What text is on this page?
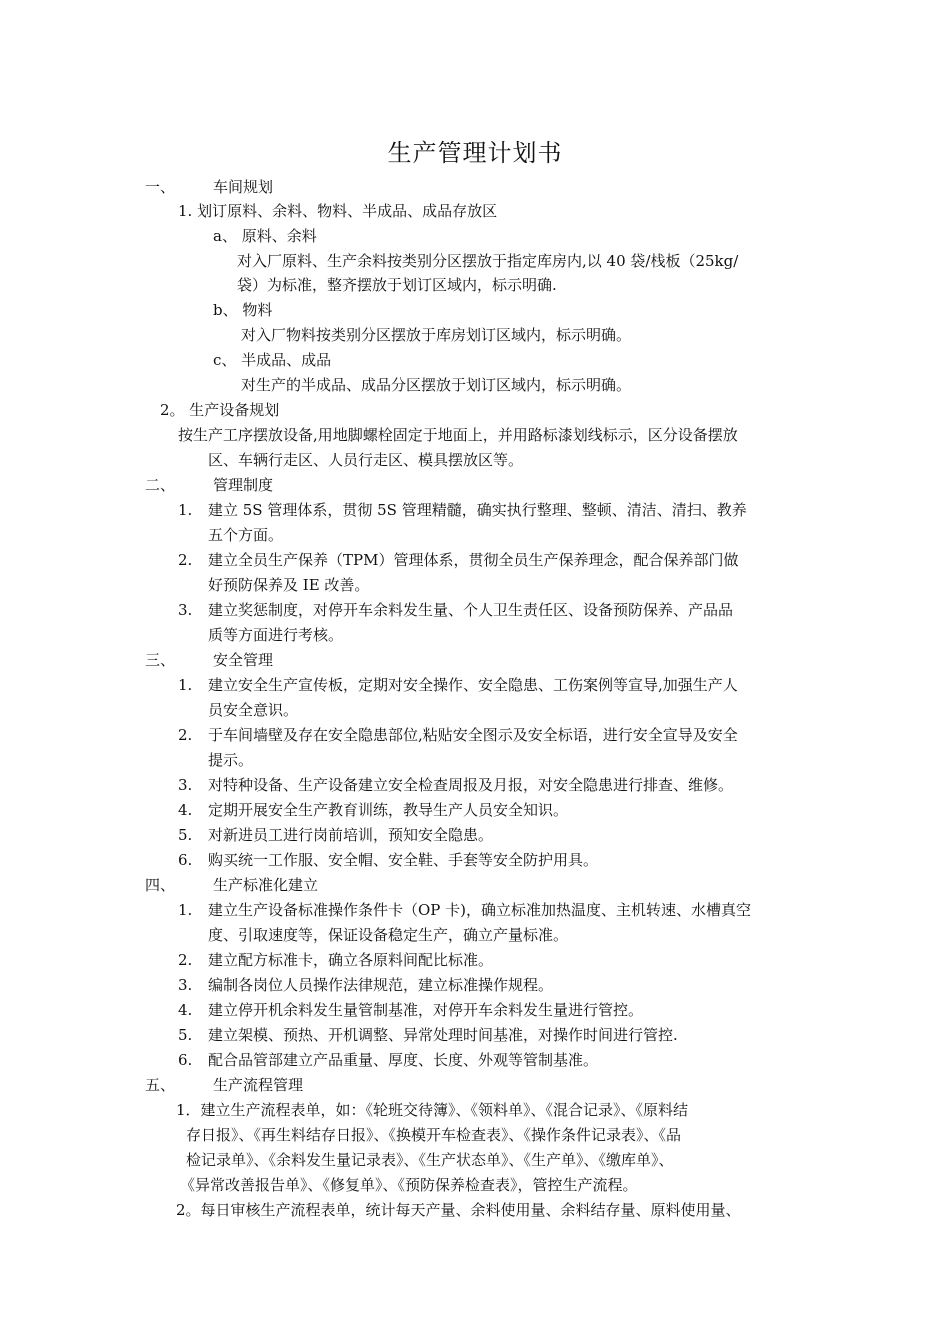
生产管理计划书
一、	车间规划
1. 划订原料、余料、物料、半成品、成品存放区
a、 原料、余料
对入厂原料、生产余料按类别分区摆放于指定库房内,以 40 袋/栈板（25kg/
袋）为标准，整齐摆放于划订区域内，标示明确.
b、 物料
对入厂物料按类别分区摆放于库房划订区域内，标示明确。
c、 半成品、成品
对生产的半成品、成品分区摆放于划订区域内，标示明确。
2。 生产设备规划
按生产工序摆放设备,用地脚螺栓固定于地面上，并用路标漆划线标示，区分设备摆放
区、车辆行走区、人员行走区、模具摆放区等。
二、	管理制度
1. 建立 5S 管理体系，贯彻 5S 管理精髓，确实执行整理、整顿、清洁、清扫、教养
五个方面。
2. 建立全员生产保养（TPM）管理体系，贯彻全员生产保养理念，配合保养部门做
好预防保养及 IE 改善。
3. 建立奖惩制度，对停开车余料发生量、个人卫生责任区、设备预防保养、产品品
质等方面进行考核。
三、	安全管理
1. 建立安全生产宣传板，定期对安全操作、安全隐患、工伤案例等宣导,加强生产人
员安全意识。
2. 于车间墙壁及存在安全隐患部位,粘贴安全图示及安全标语，进行安全宣导及安全
提示。
3. 对特种设备、生产设备建立安全检查周报及月报，对安全隐患进行排查、维修。
4. 定期开展安全生产教育训练，教导生产人员安全知识。
5. 对新进员工进行岗前培训，预知安全隐患。
6. 购买统一工作服、安全帽、安全鞋、手套等安全防护用具。
四、	生产标准化建立
1. 建立生产设备标准操作条件卡（OP 卡)，确立标准加热温度、主机转速、水槽真空
度、引取速度等，保证设备稳定生产，确立产量标准。
2. 建立配方标准卡，确立各原料间配比标准。
3. 编制各岗位人员操作法律规范，建立标准操作规程。
4. 建立停开机余料发生量管制基准，对停开车余料发生量进行管控。
5. 建立架模、预热、开机调整、异常处理时间基准，对操作时间进行管控.
6. 配合品管部建立产品重量、厚度、长度、外观等管制基准。
五、	生产流程管理
1．建立生产流程表单，如：《轮班交待簿》、《领料单》、《混合记录》、《原料结
存日报》、《再生料结存日报》、《换模开车检查表》、《操作条件记录表》、《品
检记录单》、《余料发生量记录表》、《生产状态单》、《生产单》、《缴库单》、
《异常改善报告单》、《修复单》、《预防保养检查表》，管控生产流程。
2。每日审核生产流程表单，统计每天产量、余料使用量、余料结存量、原料使用量、
